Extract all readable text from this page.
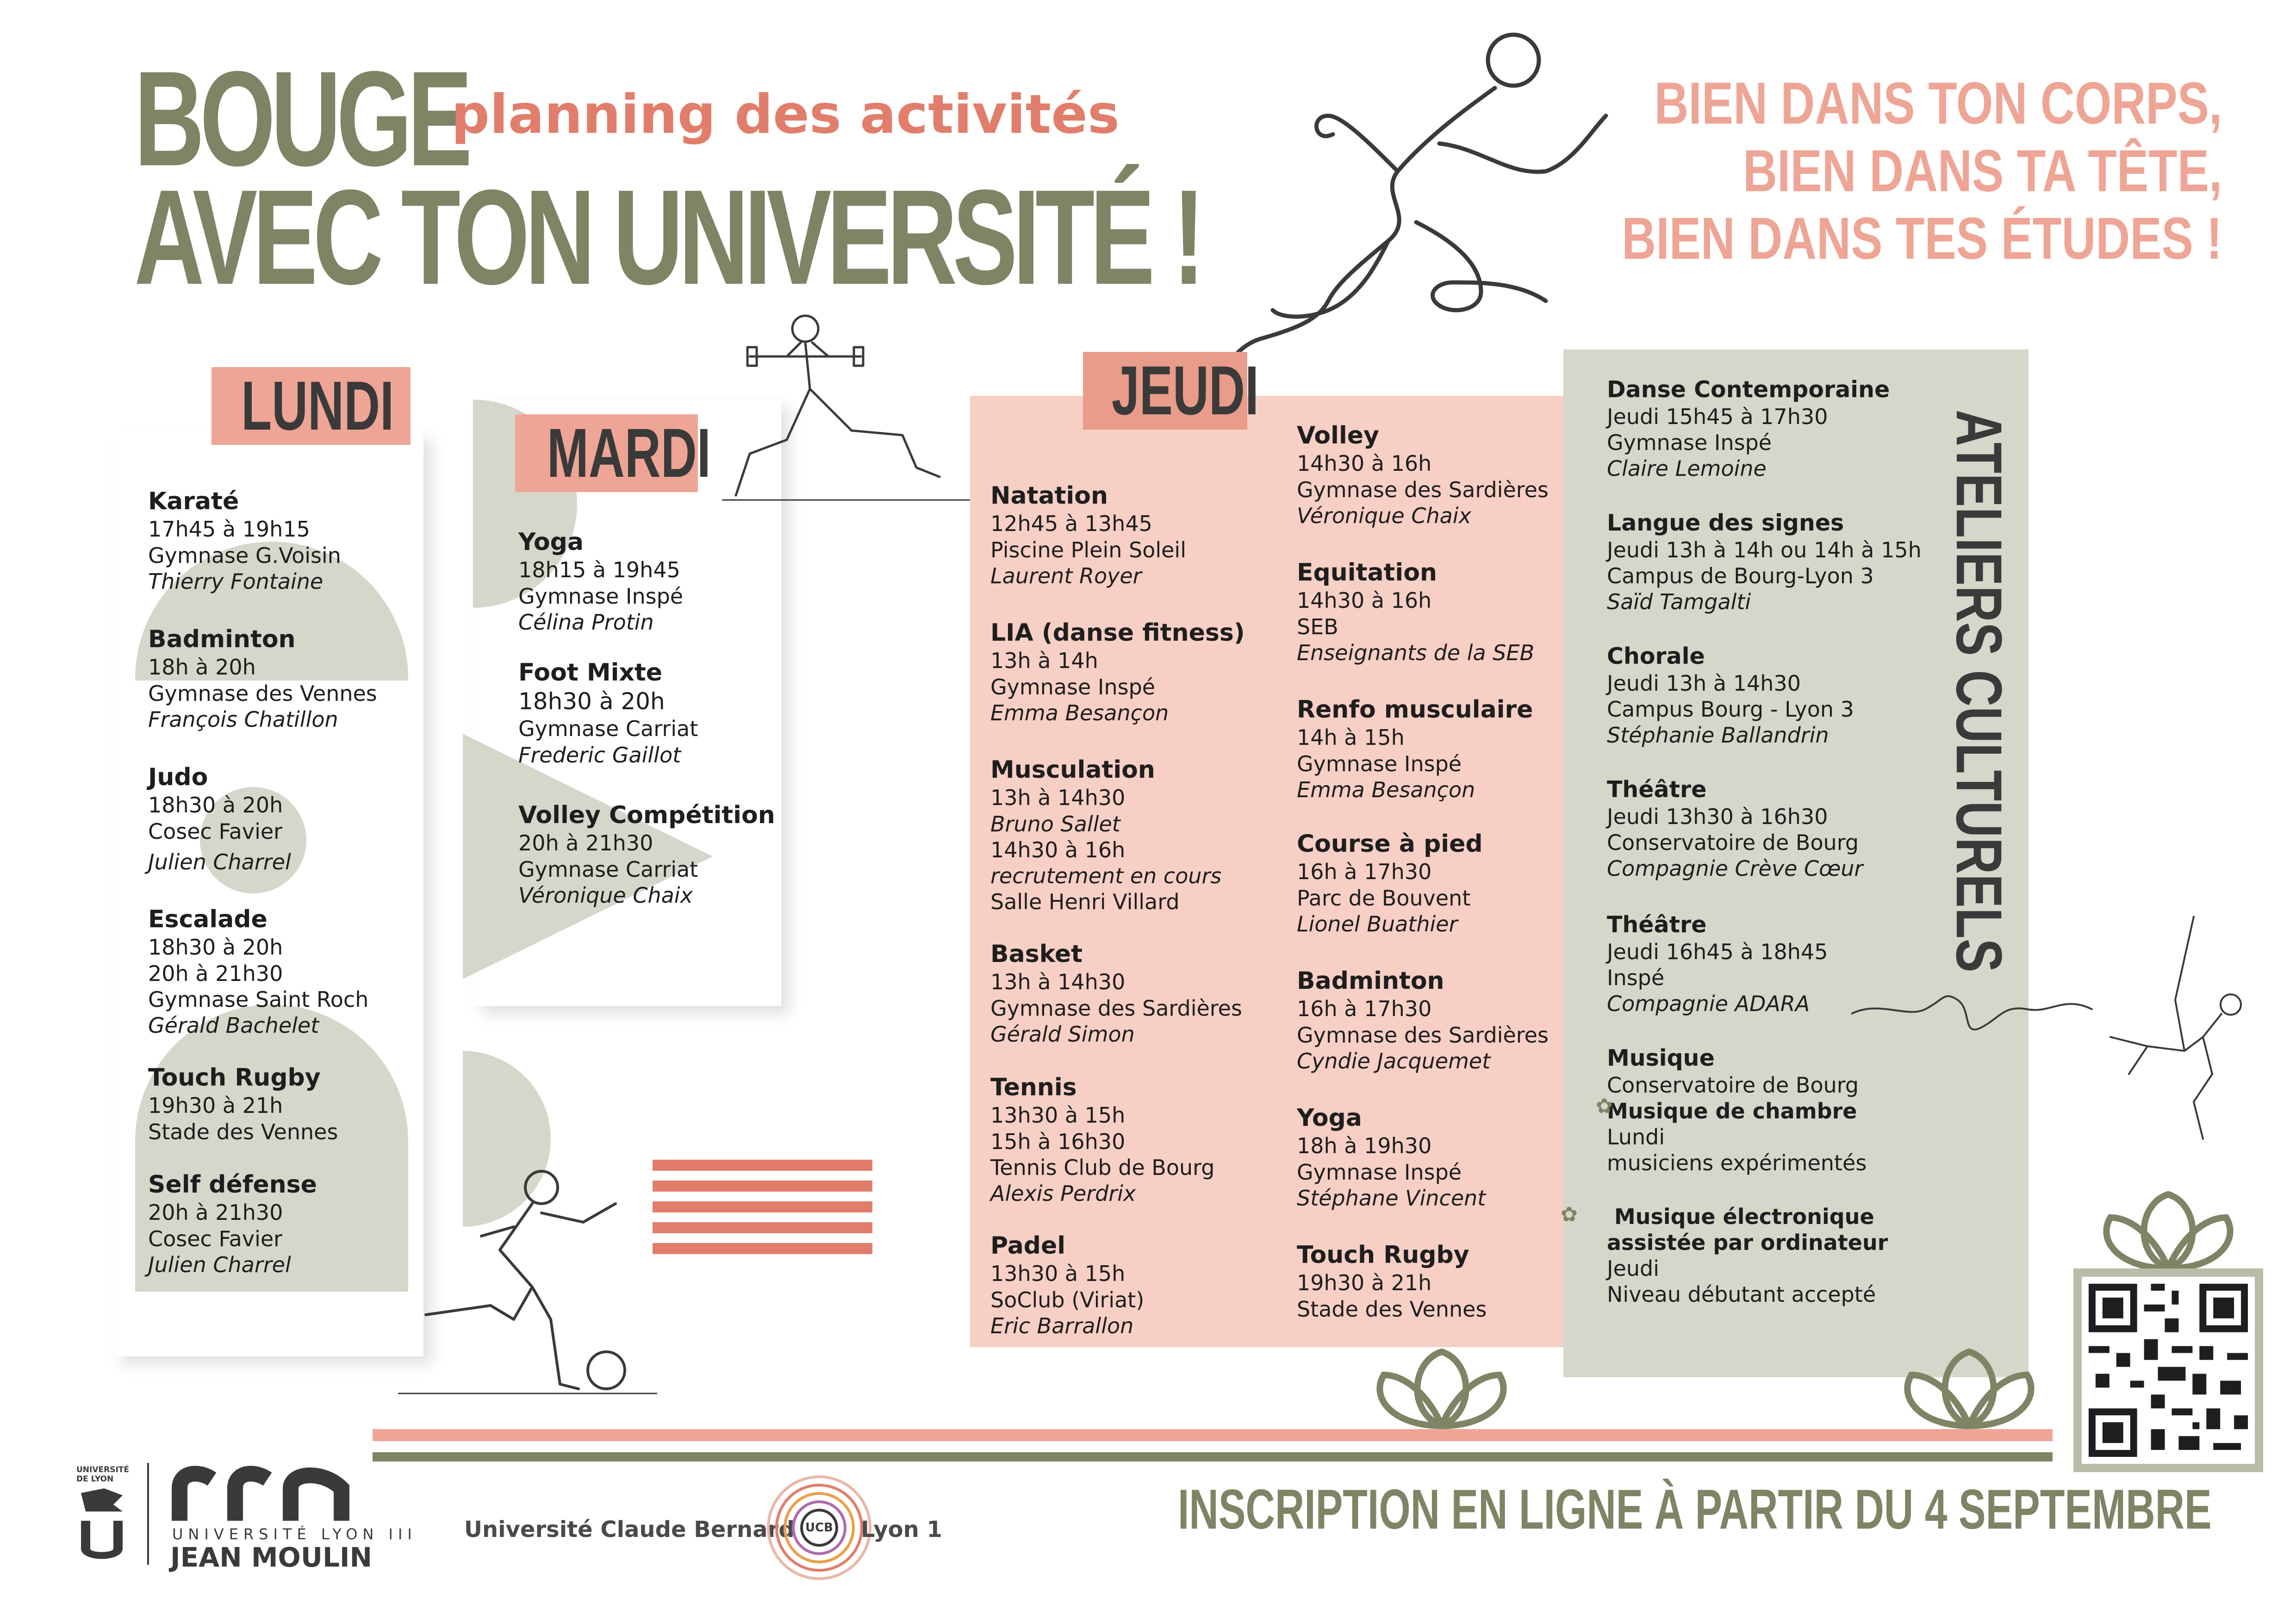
BOUGE
AVEC TON UNIVERSITÉ !
planning des activités	BIEN DANS TON CORPS,
BIEN DANS TA TÊTE,
BIEN DANS TES ÉTUDES !
LUNDI
Karaté
17h45 à 19h15
Gymnase G.Voisin
Thierry Fontaine
Badminton
18h à 20h
Gymnase des Vennes
François Chatillon
Judo
18h30 à 20h
Cosec Favier
Julien Charrel
Escalade
18h30 à 20h
20h à 21h30
Gymnase Saint Roch
Gérald Bachelet
Touch Rugby
19h30 à 21h
Stade des Vennes
Self défense
20h à 21h30
Cosec Favier
Julien Charrel
MARDI
Yoga
18h15 à 19h45
Gymnase Inspé
Célina Protin
Foot Mixte
18h30 à 20h
Gymnase Carriat
Frederic Gaillot
Volley Compétition
20h à 21h30
Gymnase Carriat
Véronique Chaix
JEUDI
Natation
12h45 à 13h45
Piscine Plein Soleil
Laurent Royer
LIA (danse fitness)
13h à 14h
Gymnase Inspé
Emma Besançon
Musculation
13h à 14h30
Bruno Sallet
14h30 à 16h
recrutement en cours
Salle Henri Villard
Basket
13h à 14h30
Gymnase des Sardières
Gérald Simon
Tennis
13h30 à 15h
15h à 16h30
Tennis Club de Bourg
Alexis Perdrix
Padel
13h30 à 15h
SoClub (Viriat)
Eric Barrallon
Volley
14h30 à 16h
Gymnase des Sardières
Véronique Chaix
Equitation
14h30 à 16h
SEB
Enseignants de la SEB
Renfo musculaire
14h à 15h
Gymnase Inspé
Emma Besançon
Course à pied
16h à 17h30
Parc de Bouvent
Lionel Buathier
Badminton
16h à 17h30
Gymnase des Sardières
Cyndie Jacquemet
Yoga
18h à 19h30
Gymnase Inspé
Stéphane Vincent
Touch Rugby
19h30 à 21h
Stade des Vennes
ATELIERS CULTURELS
Danse Contemporaine
Jeudi 15h45 à 17h30
Gymnase Inspé
Claire Lemoine
Langue des signes
Jeudi 13h à 14h ou 14h à 15h
Campus de Bourg-Lyon 3
Saïd Tamgalti
Chorale
Jeudi 13h à 14h30
Campus Bourg - Lyon 3
Stéphanie Ballandrin
Théâtre
Jeudi 13h30 à 16h30
Conservatoire de Bourg
Compagnie Crève Cœur
Théâtre
Jeudi 16h45 à 18h45
Inspé
Compagnie ADARA
Musique
Conservatoire de Bourg
Musique de chambre
Lundi
musiciens expérimentés
✿
✿	Musique électronique
assistée par ordinateur
Jeudi
Niveau débutant accepté
INSCRIPTION EN LIGNE À PARTIR DU 4 SEPTEMBRE
UNIVERSITÉ
DE LYON
UNIVERSITÉ LYON III
JEAN MOULIN
Université Claude Bernard UCB Lyon 1
